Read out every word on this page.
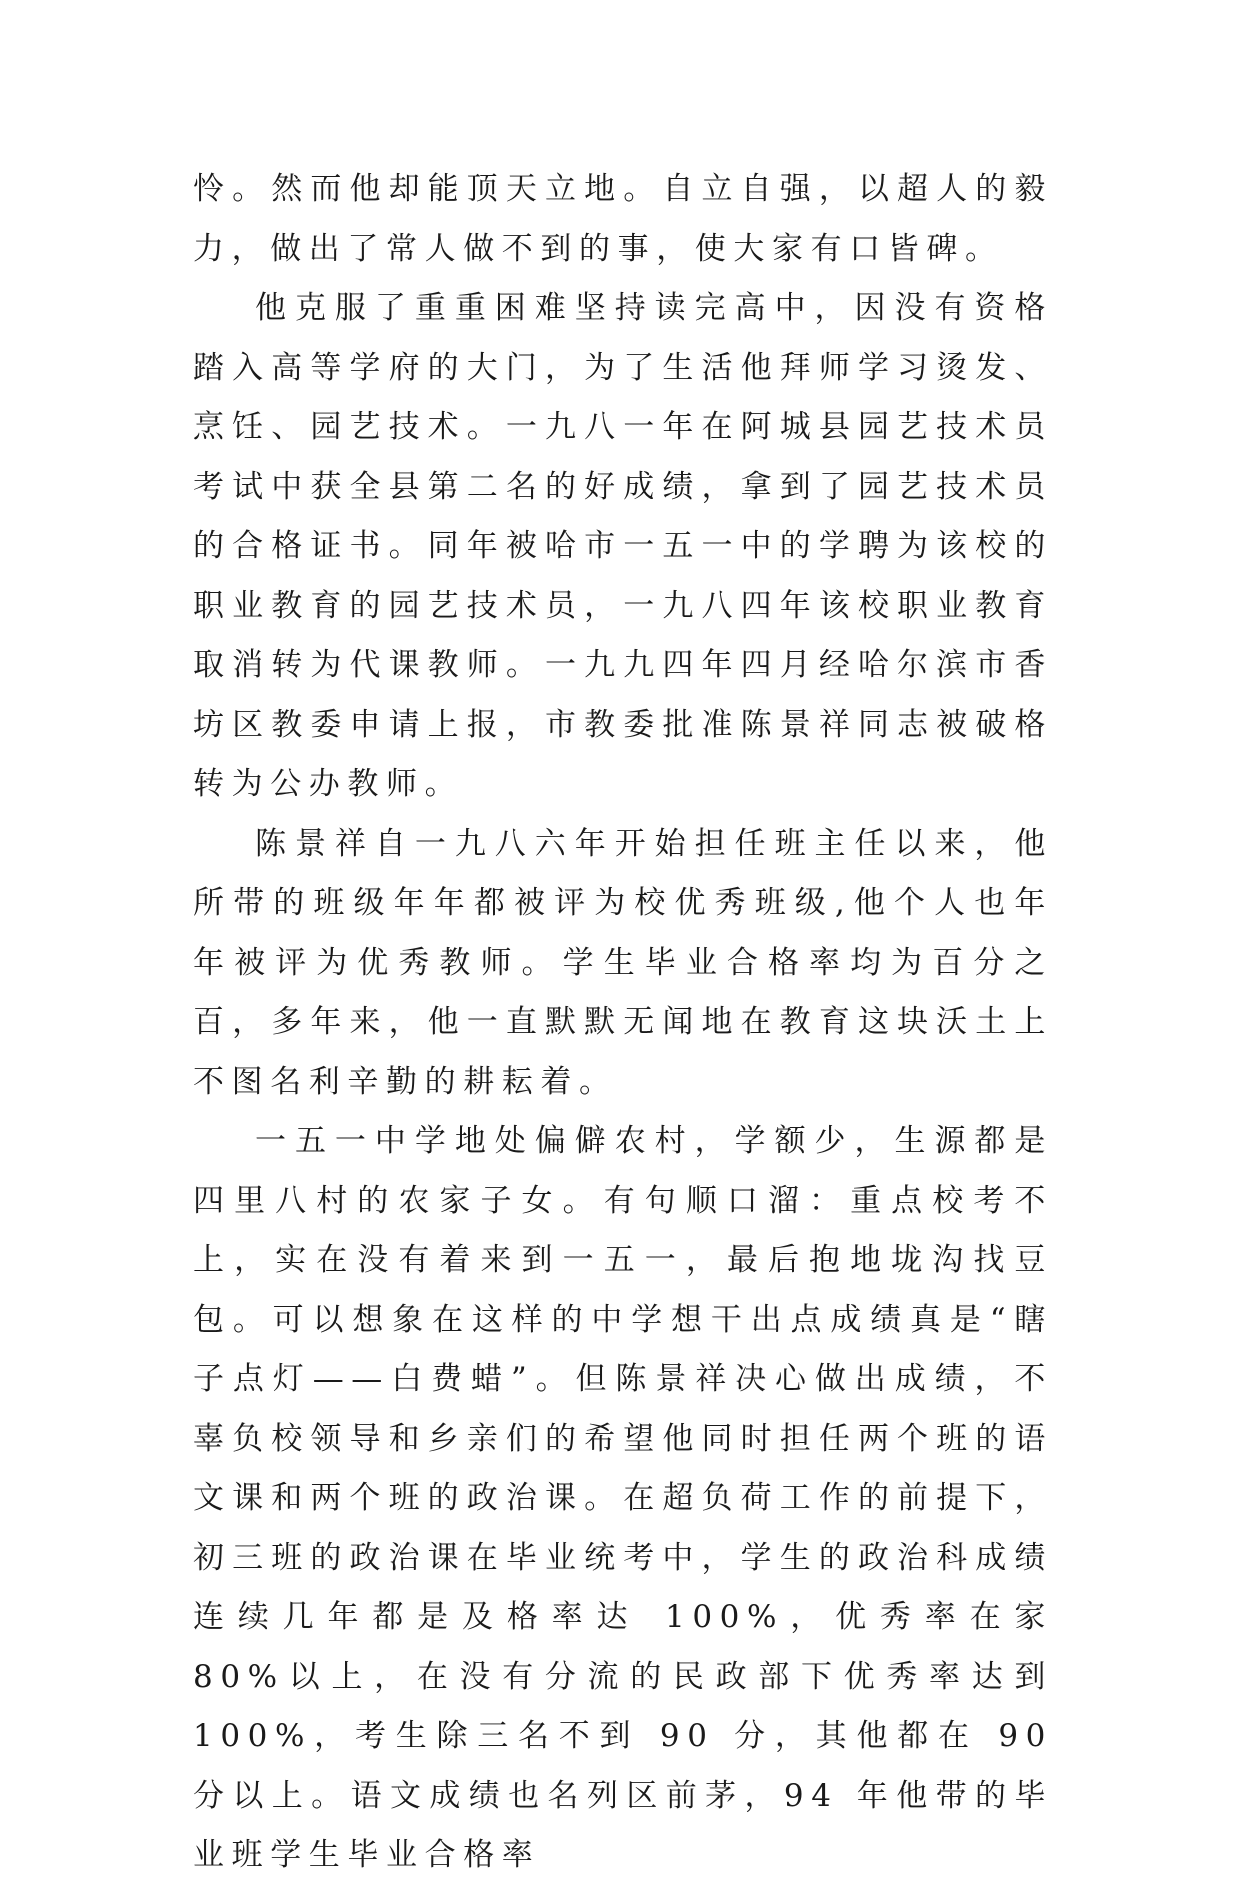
怜。然而他却能顶天立地。自立自强，以超人的毅力，做出了常人做不到的事，使大家有口皆碑。

他克服了重重困难坚持读完高中，因没有资格踏入高等学府的大门，为了生活他拜师学习烫发、烹饪、园艺技术。一九八一年在阿城县园艺技术员考试中获全县第二名的好成绩，拿到了园艺技术员的合格证书。同年被哈市一五一中的学聘为该校的职业教育的园艺技术员，一九八四年该校职业教育取消转为代课教师。一九九四年四月经哈尔滨市香坊区教委申请上报，市教委批准陈景祥同志被破格转为公办教师。

陈景祥自一九八六年开始担任班主任以来，他所带的班级年年都被评为校优秀班级,他个人也年年被评为优秀教师。学生毕业合格率均为百分之百，多年来，他一直默默无闻地在教育这块沃土上不图名利辛勤的耕耘着。

一五一中学地处偏僻农村，学额少，生源都是四里八村的农家子女。有句顺口溜：重点校考不上，实在没有着来到一五一，最后抱地垅沟找豆包。可以想象在这样的中学想干出点成绩真是“瞎子点灯——白费蜡”。但陈景祥决心做出成绩，不辜负校领导和乡亲们的希望他同时担任两个班的语文课和两个班的政治课。在超负荷工作的前提下，初三班的政治课在毕业统考中，学生的政治科成绩连续几年都是及格率达 100%，优秀率在家 80%以上，在没有分流的民政部下优秀率达到 100%，考生除三名不到 90 分，其他都在 90 分以上。语文成绩也名列区前茅，94 年他带的毕业班学生毕业合格率
